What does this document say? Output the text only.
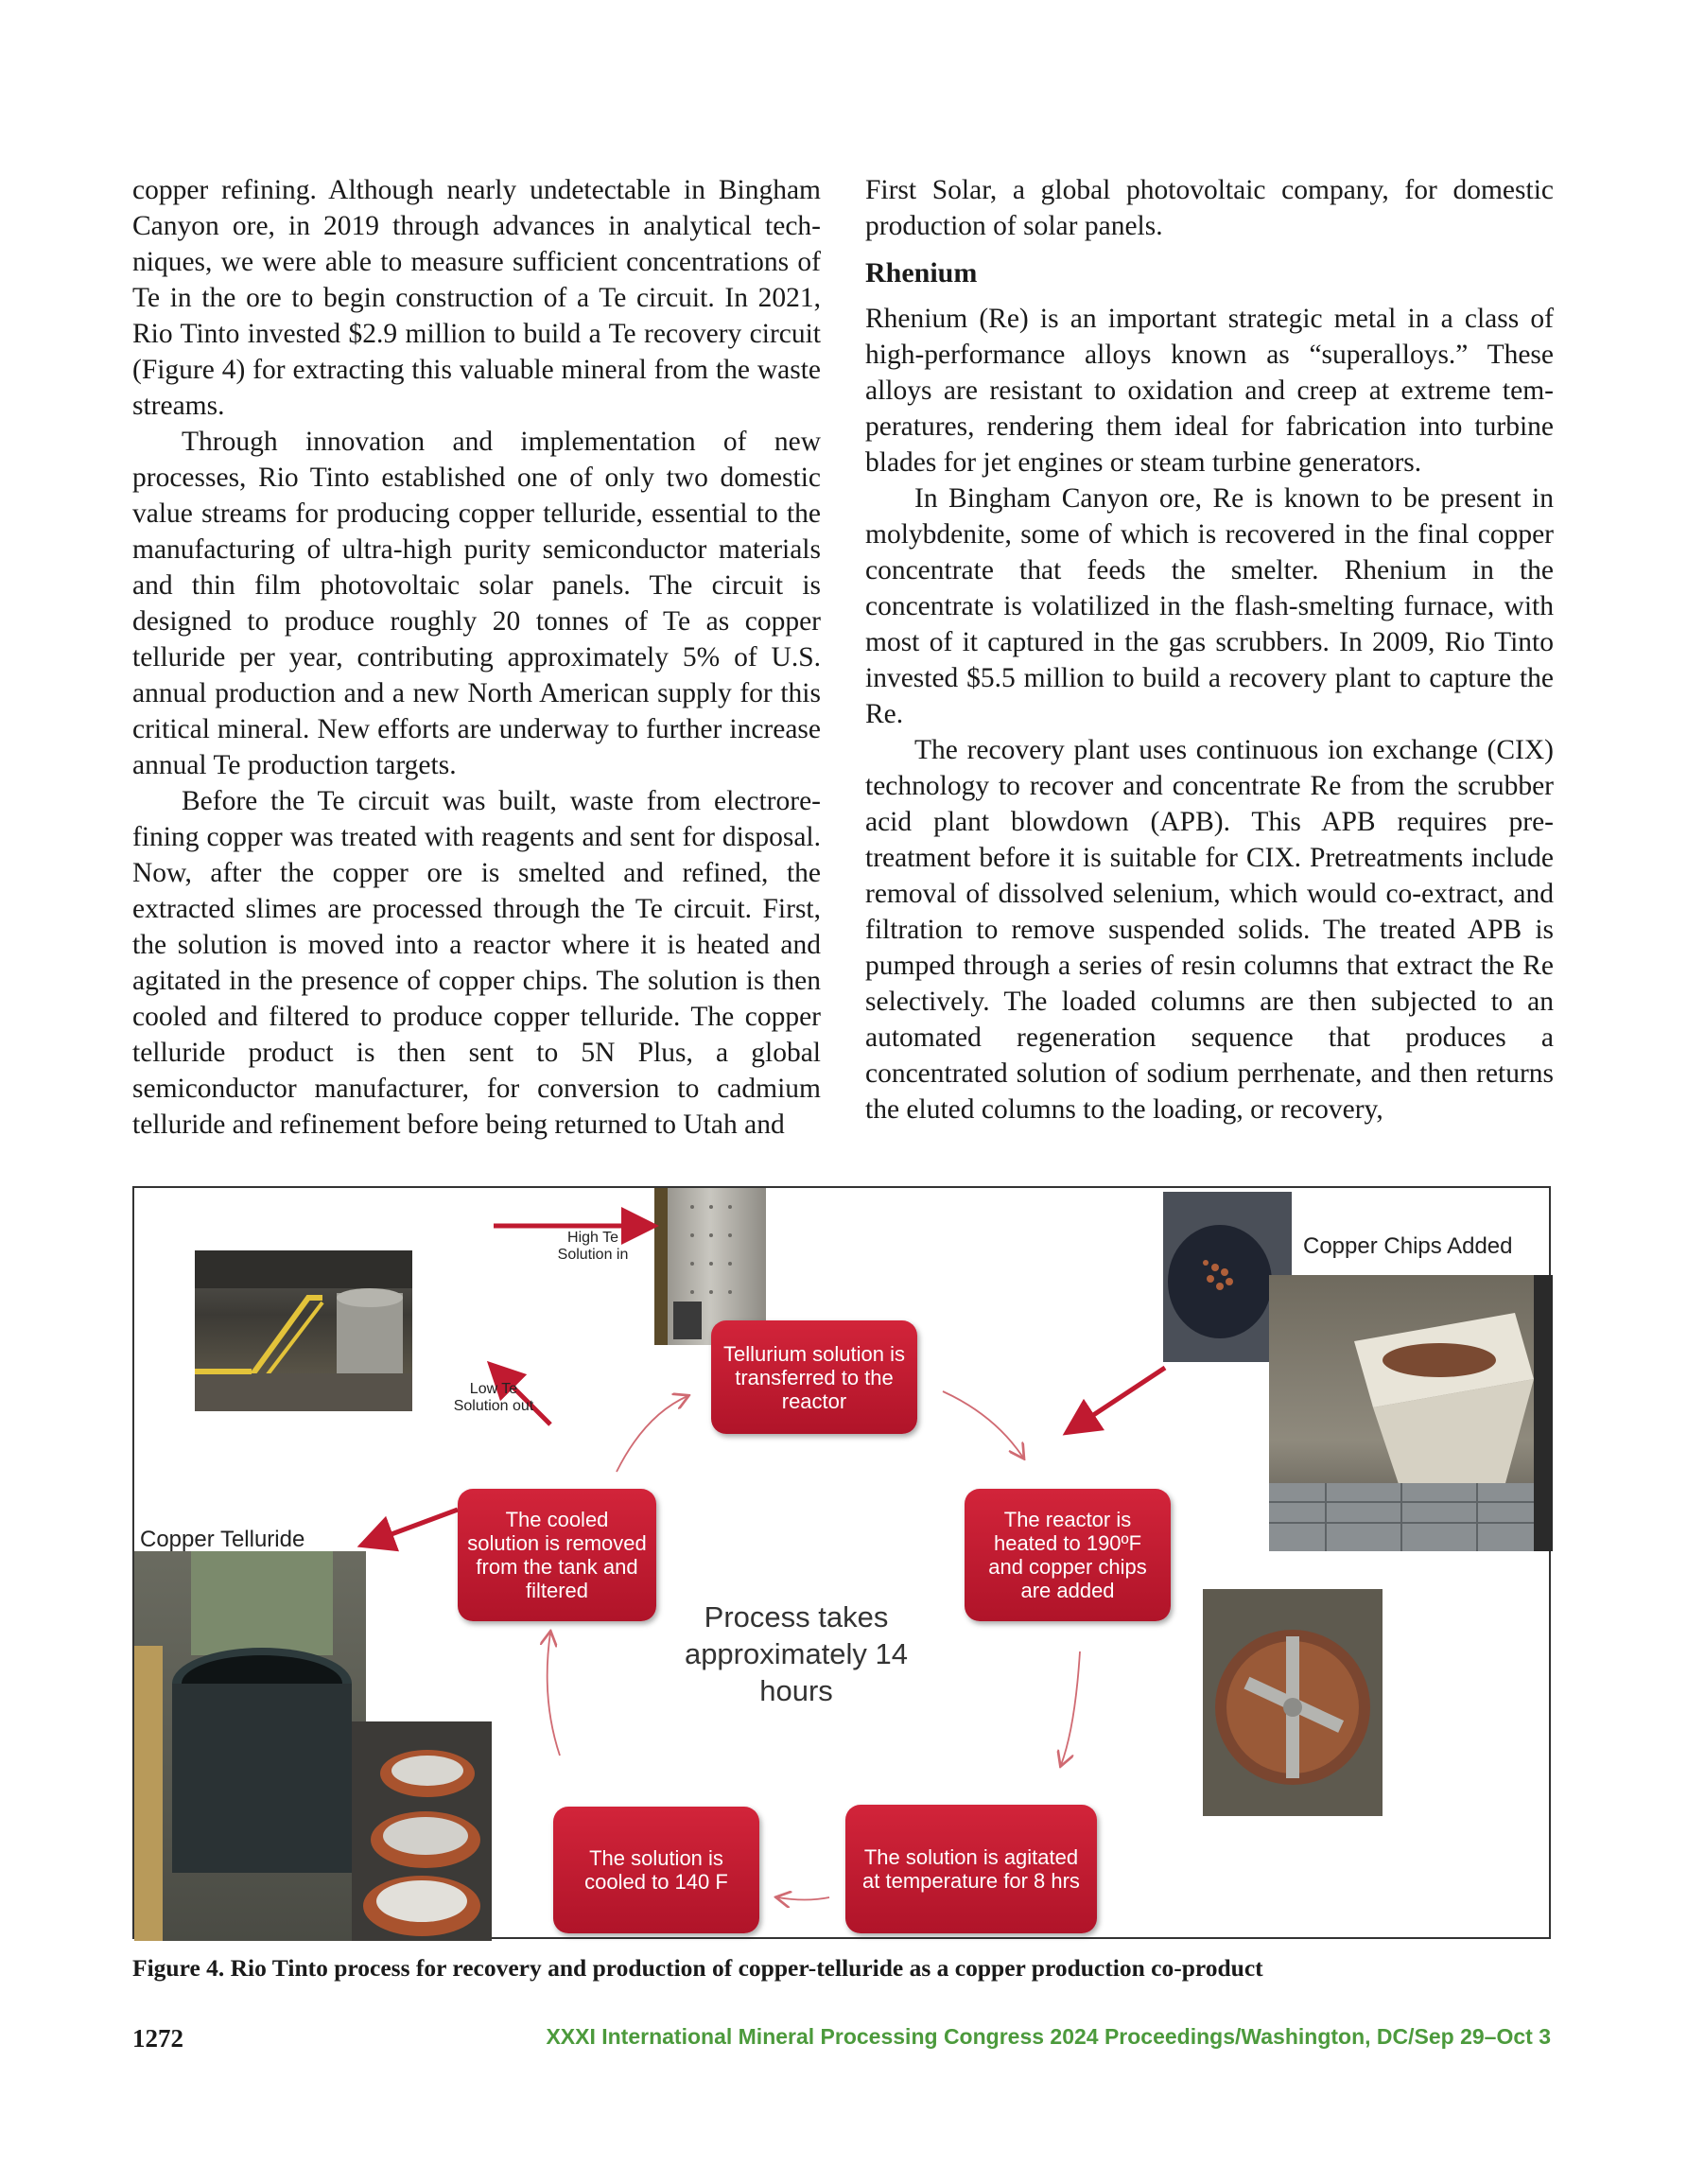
copper refining. Although nearly undetectable in Bingham Canyon ore, in 2019 through advances in analytical techniques, we were able to measure sufficient concentrations of Te in the ore to begin construction of a Te circuit. In 2021, Rio Tinto invested $2.9 million to build a Te recovery circuit (Figure 4) for extracting this valuable mineral from the waste streams.

Through innovation and implementation of new processes, Rio Tinto established one of only two domestic value streams for producing copper telluride, essential to the manufacturing of ultra-high purity semiconductor materials and thin film photovoltaic solar panels. The circuit is designed to produce roughly 20 tonnes of Te as copper telluride per year, contributing approximately 5% of U.S. annual production and a new North American supply for this critical mineral. New efforts are underway to further increase annual Te production targets.

Before the Te circuit was built, waste from electrorefining copper was treated with reagents and sent for disposal. Now, after the copper ore is smelted and refined, the extracted slimes are processed through the Te circuit. First, the solution is moved into a reactor where it is heated and agitated in the presence of copper chips. The solution is then cooled and filtered to produce copper telluride. The copper telluride product is then sent to 5N Plus, a global semiconductor manufacturer, for conversion to cadmium telluride and refinement before being returned to Utah and

First Solar, a global photovoltaic company, for domestic production of solar panels.

Rhenium

Rhenium (Re) is an important strategic metal in a class of high-performance alloys known as “superalloys.” These alloys are resistant to oxidation and creep at extreme temperatures, rendering them ideal for fabrication into turbine blades for jet engines or steam turbine generators.

In Bingham Canyon ore, Re is known to be present in molybdenite, some of which is recovered in the final copper concentrate that feeds the smelter. Rhenium in the concentrate is volatilized in the flash-smelting furnace, with most of it captured in the gas scrubbers. In 2009, Rio Tinto invested $5.5 million to build a recovery plant to capture the Re.

The recovery plant uses continuous ion exchange (CIX) technology to recover and concentrate Re from the scrubber acid plant blowdown (APB). This APB requires pre-treatment before it is suitable for CIX. Pretreatments include removal of dissolved selenium, which would co-extract, and filtration to remove suspended solids. The treated APB is pumped through a series of resin columns that extract the Re selectively. The loaded columns are then subjected to an automated regeneration sequence that produces a concentrated solution of sodium perrhenate, and then returns the eluted columns to the loading, or recovery,

High Te Solution in
Low Te Solution out
Copper Chips Added
Copper Telluride
Tellurium solution is transferred to the reactor
The reactor is heated to 190ºF and copper chips are added
The solution is agitated at temperature for 8 hrs
The solution is cooled to 140 F
The cooled solution is removed from the tank and filtered
Process takes approximately 14 hours
Figure 4. Rio Tinto process for recovery and production of copper-telluride as a copper production co-product
1272	XXXI International Mineral Processing Congress 2024 Proceedings/Washington, DC/Sep 29–Oct 3
